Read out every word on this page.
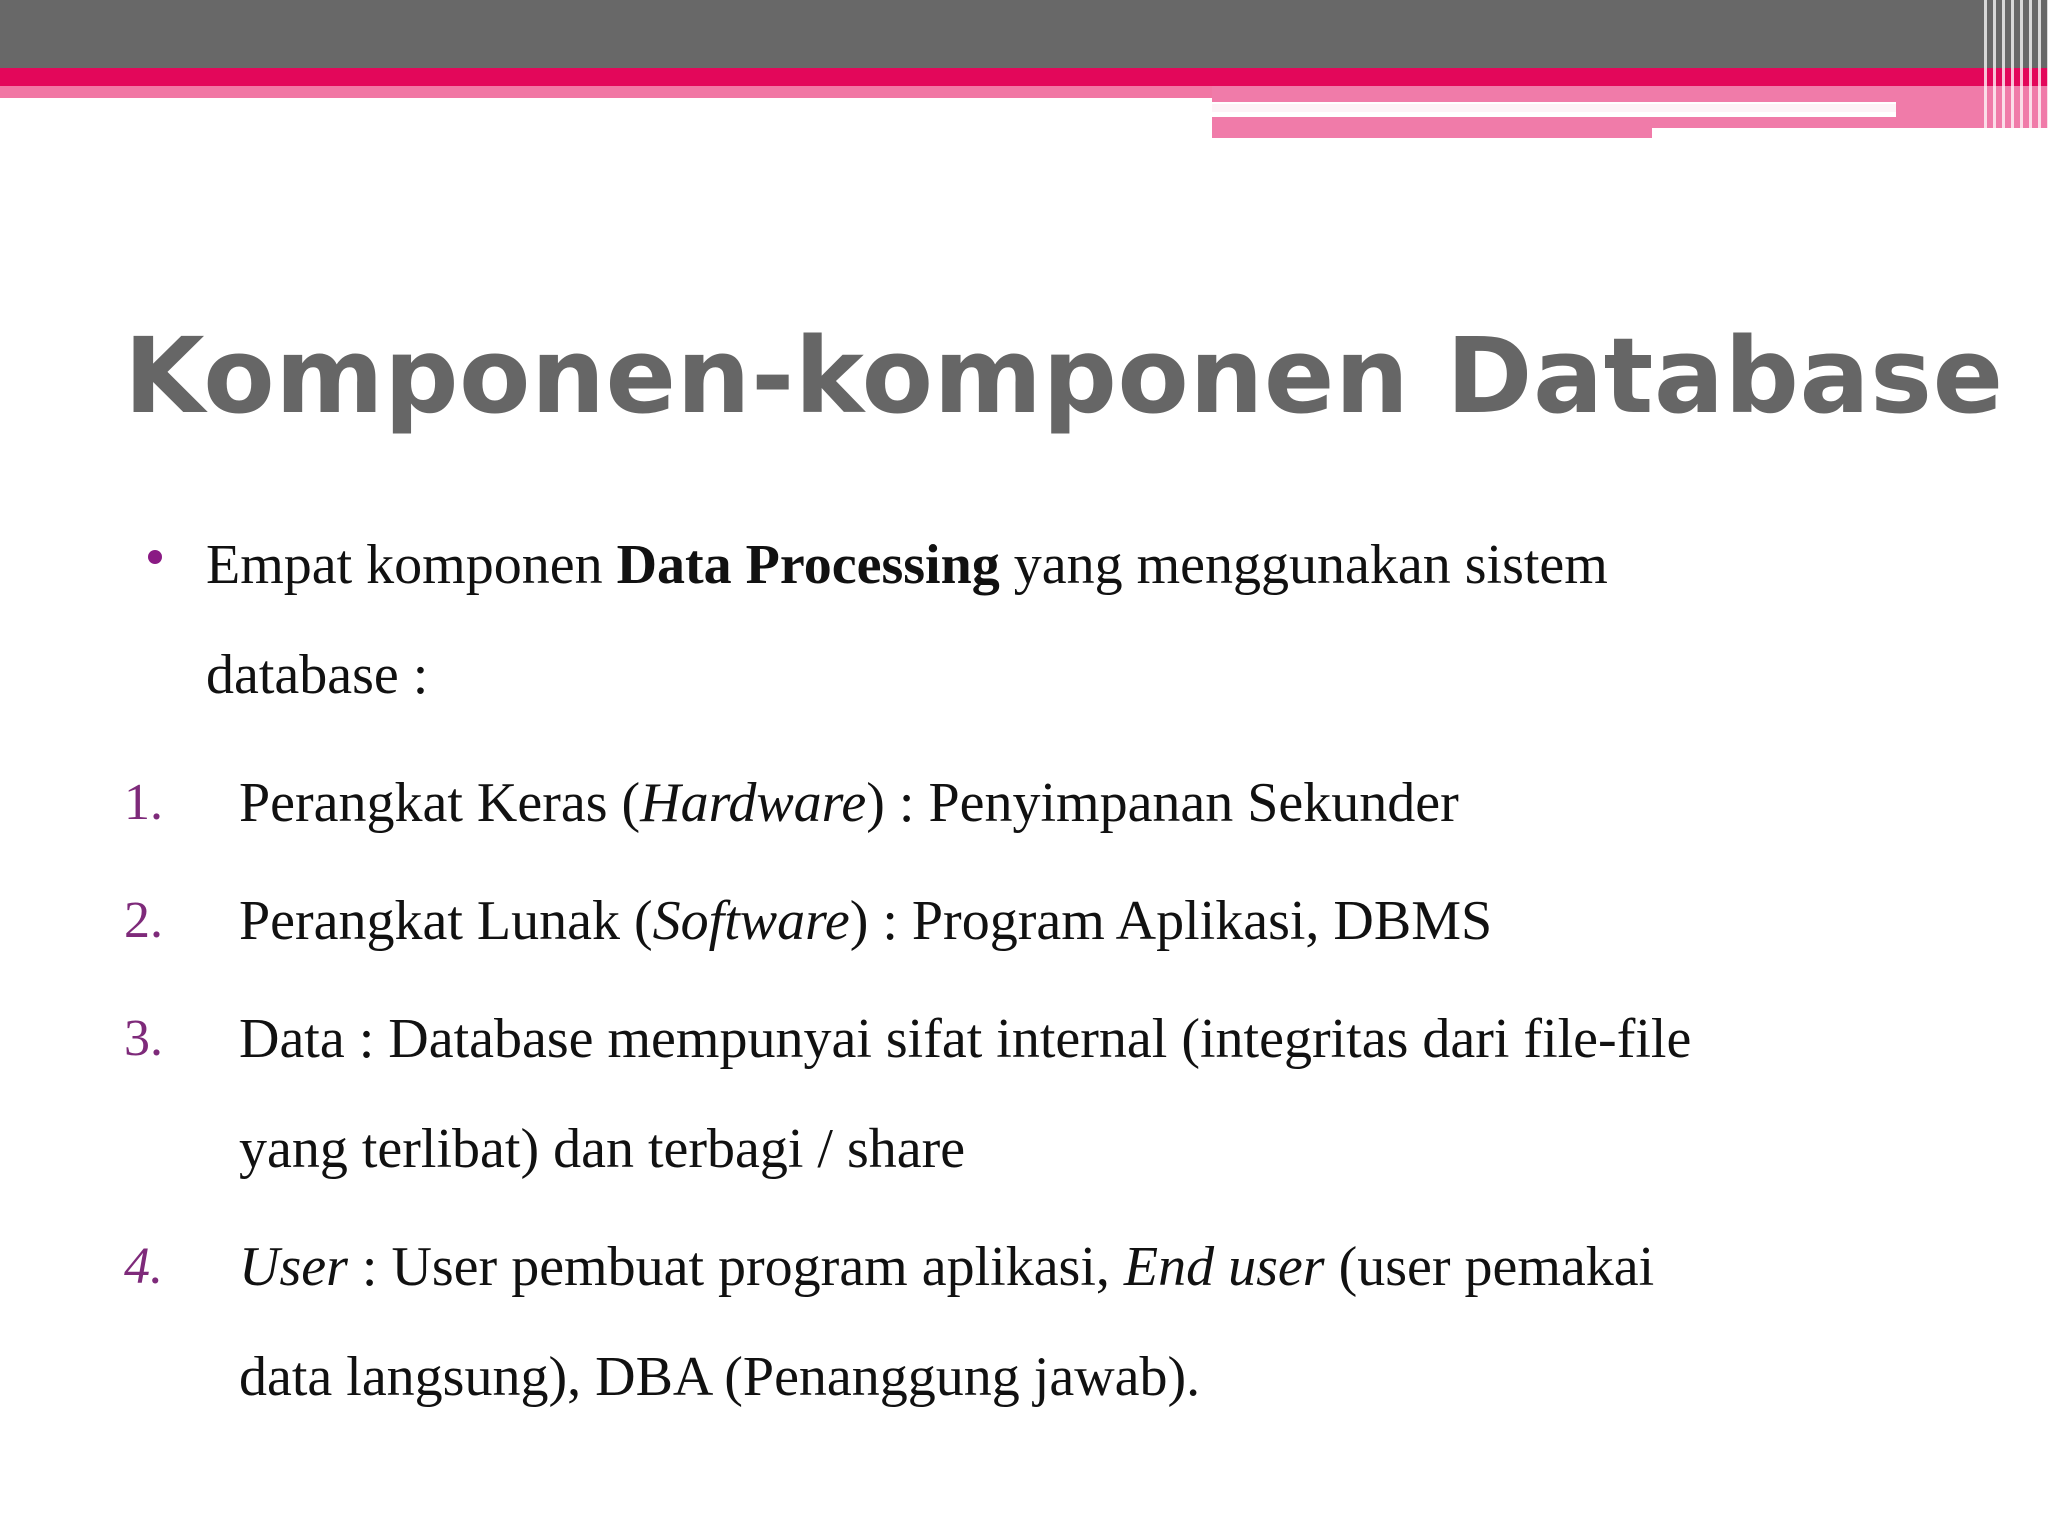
Komponen-komponen Database
Empat komponen Data Processing yang menggunakan sistem
database :
1. Perangkat Keras (Hardware) : Penyimpanan Sekunder
2. Perangkat Lunak (Software) : Program Aplikasi, DBMS
3. Data : Database mempunyai sifat internal (integritas dari file-file
yang terlibat) dan terbagi / share
4. User : User pembuat program aplikasi, End user (user pemakai
data langsung), DBA (Penanggung jawab).
